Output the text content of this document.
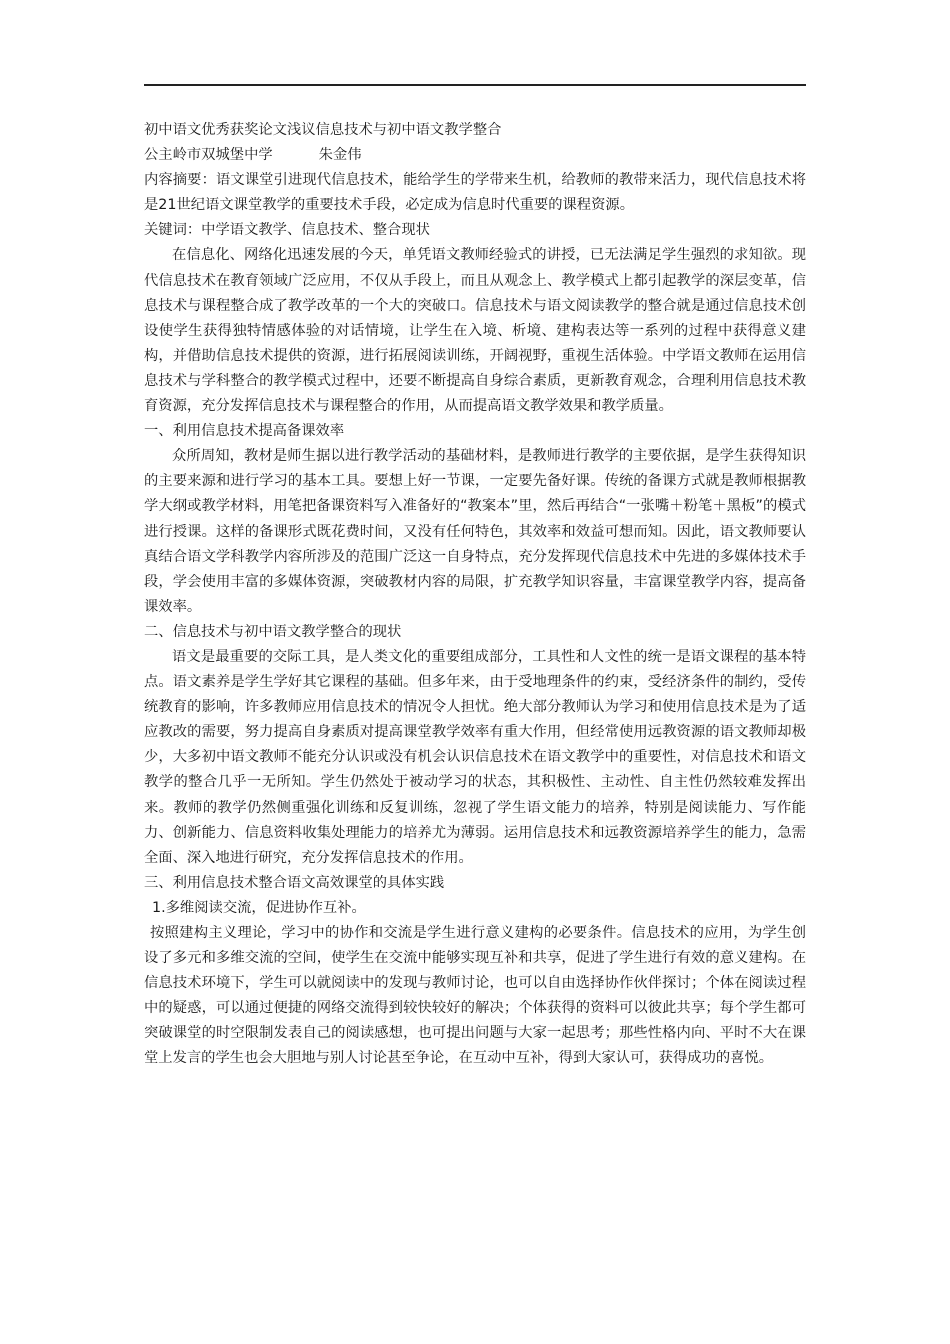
初中语文优秀获奖论文浅议信息技术与初中语文教学整合
公主岭市双城堡中学	朱金伟
内容摘要：语文课堂引进现代信息技术，能给学生的学带来生机，给教师的教带来活力，现代信息技术将是21世纪语文课堂教学的重要技术手段，必定成为信息时代重要的课程资源。
关键词：中学语文教学、信息技术、整合现状
在信息化、网络化迅速发展的今天，单凭语文教师经验式的讲授，已无法满足学生强烈的求知欲。现代信息技术在教育领域广泛应用，不仅从手段上，而且从观念上、教学模式上都引起教学的深层变革，信息技术与课程整合成了教学改革的一个大的突破口。信息技术与语文阅读教学的整合就是通过信息技术创设使学生获得独特情感体验的对话情境，让学生在入境、析境、建构表达等一系列的过程中获得意义建构，并借助信息技术提供的资源，进行拓展阅读训练，开阔视野，重视生活体验。中学语文教师在运用信息技术与学科整合的教学模式过程中，还要不断提高自身综合素质，更新教育观念，合理利用信息技术教育资源，充分发挥信息技术与课程整合的作用，从而提高语文教学效果和教学质量。
一、利用信息技术提高备课效率
众所周知，教材是师生据以进行教学活动的基础材料，是教师进行教学的主要依据，是学生获得知识的主要来源和进行学习的基本工具。要想上好一节课，一定要先备好课。传统的备课方式就是教师根据教学大纲或教学材料，用笔把备课资料写入准备好的“教案本”里，然后再结合“一张嘴＋粉笔＋黑板”的模式进行授课。这样的备课形式既花费时间，又没有任何特色，其效率和效益可想而知。因此，语文教师要认真结合语文学科教学内容所涉及的范围广泛这一自身特点，充分发挥现代信息技术中先进的多媒体技术手段，学会使用丰富的多媒体资源，突破教材内容的局限，扩充教学知识容量，丰富课堂教学内容，提高备课效率。
二、信息技术与初中语文教学整合的现状
语文是最重要的交际工具，是人类文化的重要组成部分，工具性和人文性的统一是语文课程的基本特点。语文素养是学生学好其它课程的基础。但多年来，由于受地理条件的约束，受经济条件的制约，受传统教育的影响，许多教师应用信息技术的情况令人担忧。绝大部分教师认为学习和使用信息技术是为了适应教改的需要，努力提高自身素质对提高课堂教学效率有重大作用，但经常使用远教资源的语文教师却极少，大多初中语文教师不能充分认识或没有机会认识信息技术在语文教学中的重要性，对信息技术和语文教学的整合几乎一无所知。学生仍然处于被动学习的状态，其积极性、主动性、自主性仍然较难发挥出来。教师的教学仍然侧重强化训练和反复训练，忽视了学生语文能力的培养，特别是阅读能力、写作能力、创新能力、信息资料收集处理能力的培养尤为薄弱。运用信息技术和远教资源培养学生的能力，急需全面、深入地进行研究，充分发挥信息技术的作用。
三、利用信息技术整合语文高效课堂的具体实践
1.多维阅读交流，促进协作互补。
按照建构主义理论，学习中的协作和交流是学生进行意义建构的必要条件。信息技术的应用，为学生创设了多元和多维交流的空间，使学生在交流中能够实现互补和共享，促进了学生进行有效的意义建构。在信息技术环境下，学生可以就阅读中的发现与教师讨论，也可以自由选择协作伙伴探讨；个体在阅读过程中的疑惑，可以通过便捷的网络交流得到较快较好的解决；个体获得的资料可以彼此共享；每个学生都可突破课堂的时空限制发表自己的阅读感想，也可提出问题与大家一起思考；那些性格内向、平时不大在课堂上发言的学生也会大胆地与别人讨论甚至争论，在互动中互补，得到大家认可，获得成功的喜悦。
